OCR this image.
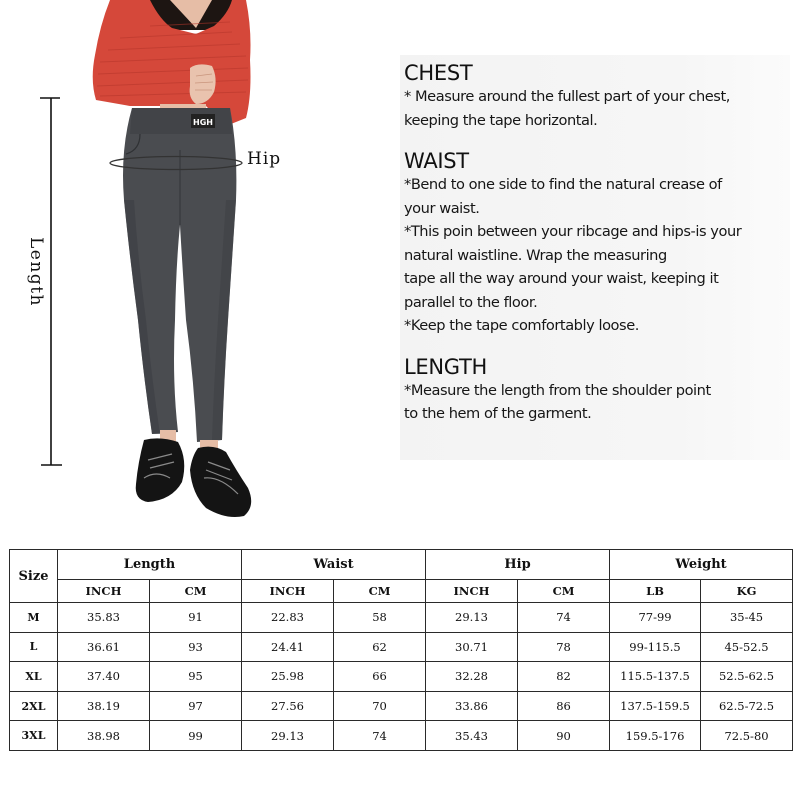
HGH
Length
Hip
CHEST
* Measure around the fullest part of your chest,
keeping the tape horizontal.
WAIST
*Bend to one side to find the natural crease of
your waist.
*This poin between your ribcage and hips-is your
natural waistline. Wrap the measuring
tape all the way around your waist, keeping it
parallel to the floor.
*Keep the tape comfortably loose.
LENGTH
*Measure the length from the shoulder point
to the hem of the garment.
Size	Length		Waist		Hip		Weight	
	INCH	CM	INCH	CM	INCH	CM	LB	KG
M	35.83	91	22.83	58	29.13	74	77-99	35-45
L	36.61	93	24.41	62	30.71	78	99-115.5	45-52.5
XL	37.40	95	25.98	66	32.28	82	115.5-137.5	52.5-62.5
2XL	38.19	97	27.56	70	33.86	86	137.5-159.5	62.5-72.5
3XL	38.98	99	29.13	74	35.43	90	159.5-176	72.5-80
